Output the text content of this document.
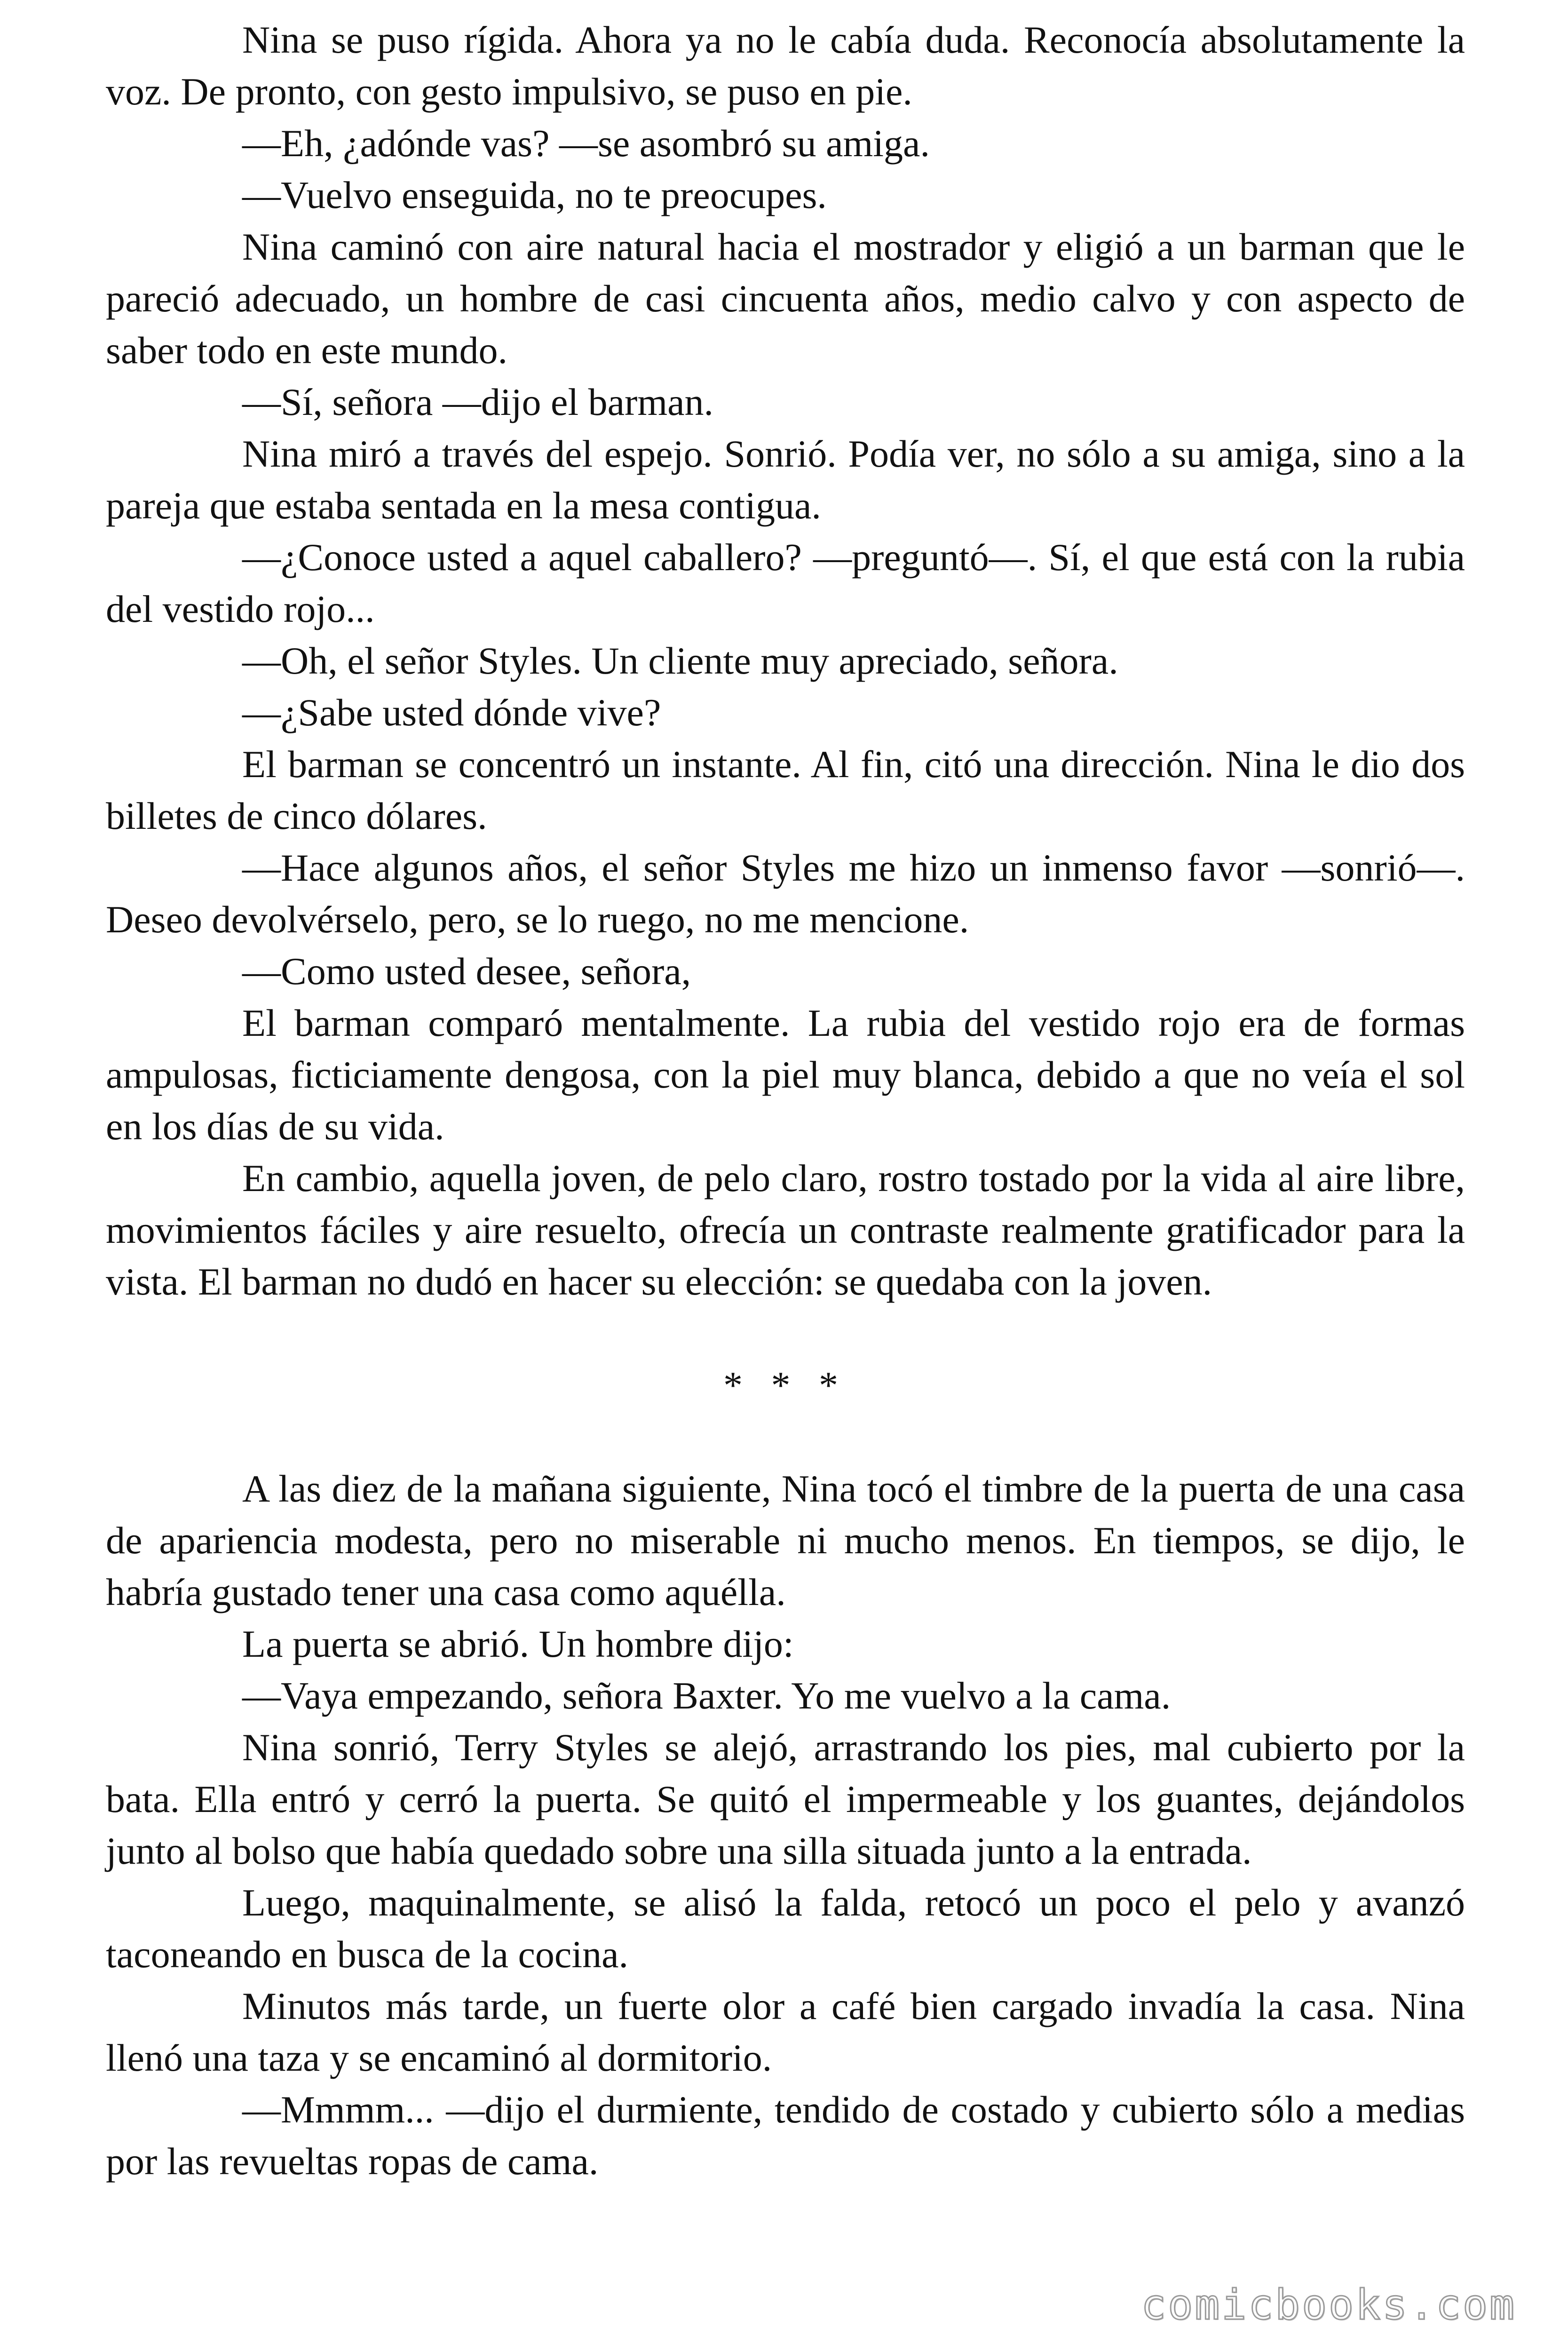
Nina se puso rígida. Ahora ya no le cabía duda. Reconocía absolutamente la voz. De pronto, con gesto impulsivo, se puso en pie.

—Eh, ¿adónde vas? —se asombró su amiga.

—Vuelvo enseguida, no te preocupes.

Nina caminó con aire natural hacia el mostrador y eligió a un barman que le pareció adecuado, un hombre de casi cincuenta años, medio calvo y con aspecto de saber todo en este mundo.

—Sí, señora —dijo el barman.

Nina miró a través del espejo. Sonrió. Podía ver, no sólo a su amiga, sino a la pareja que estaba sentada en la mesa contigua.

—¿Conoce usted a aquel caballero? —preguntó—. Sí, el que está con la rubia del vestido rojo...

—Oh, el señor Styles. Un cliente muy apreciado, señora.

—¿Sabe usted dónde vive?

El barman se concentró un instante. Al fin, citó una dirección. Nina le dio dos billetes de cinco dólares.

—Hace algunos años, el señor Styles me hizo un inmenso favor —sonrió—. Deseo devolvérselo, pero, se lo ruego, no me mencione.

—Como usted desee, señora,

El barman comparó mentalmente. La rubia del vestido rojo era de formas ampulosas, ficticiamente dengosa, con la piel muy blanca, debido a que no veía el sol en los días de su vida.

En cambio, aquella joven, de pelo claro, rostro tostado por la vida al aire libre, movimientos fáciles y aire resuelto, ofrecía un contraste realmente gratificador para la vista. El barman no dudó en hacer su elección: se quedaba con la joven.

* * *

A las diez de la mañana siguiente, Nina tocó el timbre de la puerta de una casa de apariencia modesta, pero no miserable ni mucho menos. En tiempos, se dijo, le habría gustado tener una casa como aquélla.

La puerta se abrió. Un hombre dijo:

—Vaya empezando, señora Baxter. Yo me vuelvo a la cama.

Nina sonrió, Terry Styles se alejó, arrastrando los pies, mal cubierto por la bata. Ella entró y cerró la puerta. Se quitó el impermeable y los guantes, dejándolos junto al bolso que había quedado sobre una silla situada junto a la entrada.

Luego, maquinalmente, se alisó la falda, retocó un poco el pelo y avanzó taconeando en busca de la cocina.

Minutos más tarde, un fuerte olor a café bien cargado invadía la casa. Nina llenó una taza y se encaminó al dormitorio.

—Mmmm... —dijo el durmiente, tendido de costado y cubierto sólo a medias por las revueltas ropas de cama.

comicbooks.com
